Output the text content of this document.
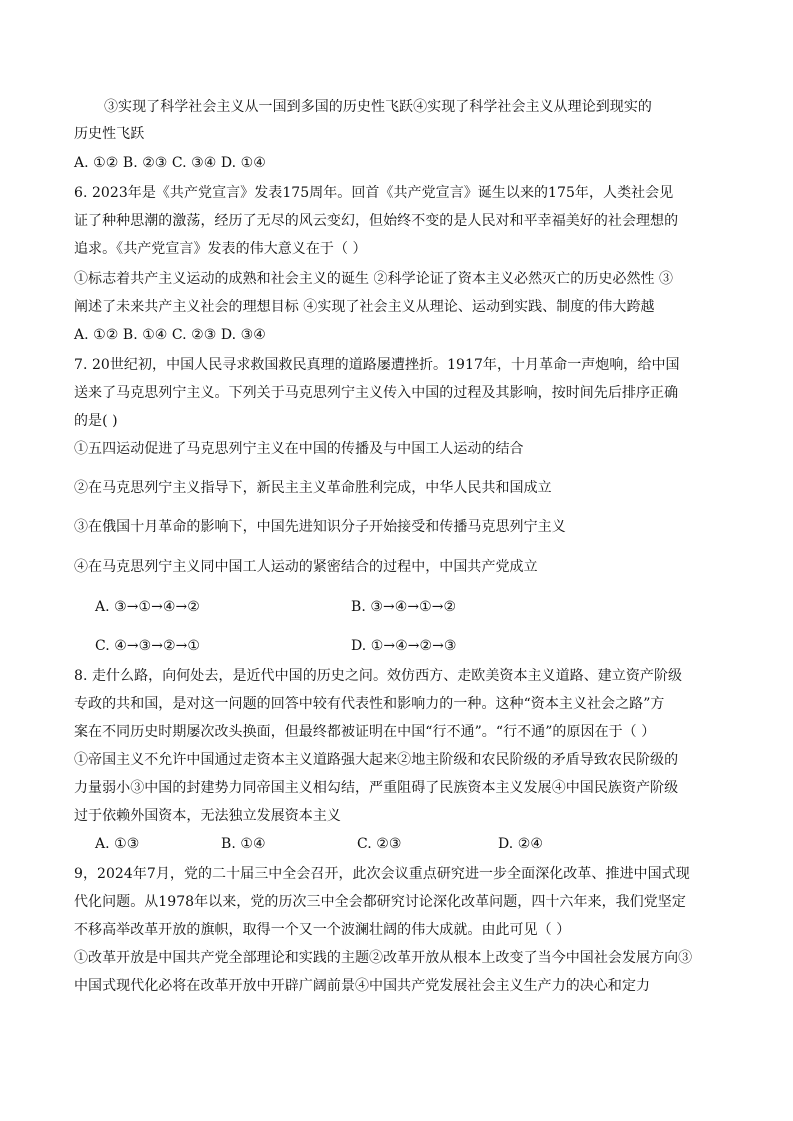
③实现了科学社会主义从一国到多国的历史性飞跃④实现了科学社会主义从理论到现实的
历史性飞跃
A. ①② B. ②③ C. ③④ D. ①④
6. 2023年是《共产党宣言》发表175周年。回首《共产党宣言》诞生以来的175年，人类社会见
证了种种思潮的激荡，经历了无尽的风云变幻，但始终不变的是人民对和平幸福美好的社会理想的
追求。《共产党宣言》发表的伟大意义在于（ ）
①标志着共产主义运动的成熟和社会主义的诞生 ②科学论证了资本主义必然灭亡的历史必然性 ③
阐述了未来共产主义社会的理想目标 ④实现了社会主义从理论、运动到实践、制度的伟大跨越
A. ①② B. ①④ C. ②③ D. ③④
7. 20世纪初，中国人民寻求救国救民真理的道路屡遭挫折。1917年，十月革命一声炮响，给中国
送来了马克思列宁主义。下列关于马克思列宁主义传入中国的过程及其影响，按时间先后排序正确
的是( )
①五四运动促进了马克思列宁主义在中国的传播及与中国工人运动的结合
②在马克思列宁主义指导下，新民主主义革命胜利完成，中华人民共和国成立
③在俄国十月革命的影响下，中国先进知识分子开始接受和传播马克思列宁主义
④在马克思列宁主义同中国工人运动的紧密结合的过程中，中国共产党成立
A. ③→①→④→②	B. ③→④→①→②
C. ④→③→②→①	D. ①→④→②→③
8. 走什么路，向何处去，是近代中国的历史之问。效仿西方、走欧美资本主义道路、建立资产阶级
专政的共和国，是对这一问题的回答中较有代表性和影响力的一种。这种“资本主义社会之路”方
案在不同历史时期屡次改头换面，但最终都被证明在中国“行不通”。“行不通”的原因在于（ ）
①帝国主义不允许中国通过走资本主义道路强大起来②地主阶级和农民阶级的矛盾导致农民阶级的
力量弱小③中国的封建势力同帝国主义相勾结，严重阻碍了民族资本主义发展④中国民族资产阶级
过于依赖外国资本，无法独立发展资本主义
A. ①③	B. ①④	C. ②③	D. ②④
9，2024年7月，党的二十届三中全会召开，此次会议重点研究进一步全面深化改革、推进中国式现
代化问题。从1978年以来，党的历次三中全会都研究讨论深化改革问题，四十六年来，我们党坚定
不移高举改革开放的旗帜，取得一个又一个波澜壮阔的伟大成就。由此可见（ ）
①改革开放是中国共产党全部理论和实践的主题②改革开放从根本上改变了当今中国社会发展方向③
中国式现代化必将在改革开放中开辟广阔前景④中国共产党发展社会主义生产力的决心和定力
